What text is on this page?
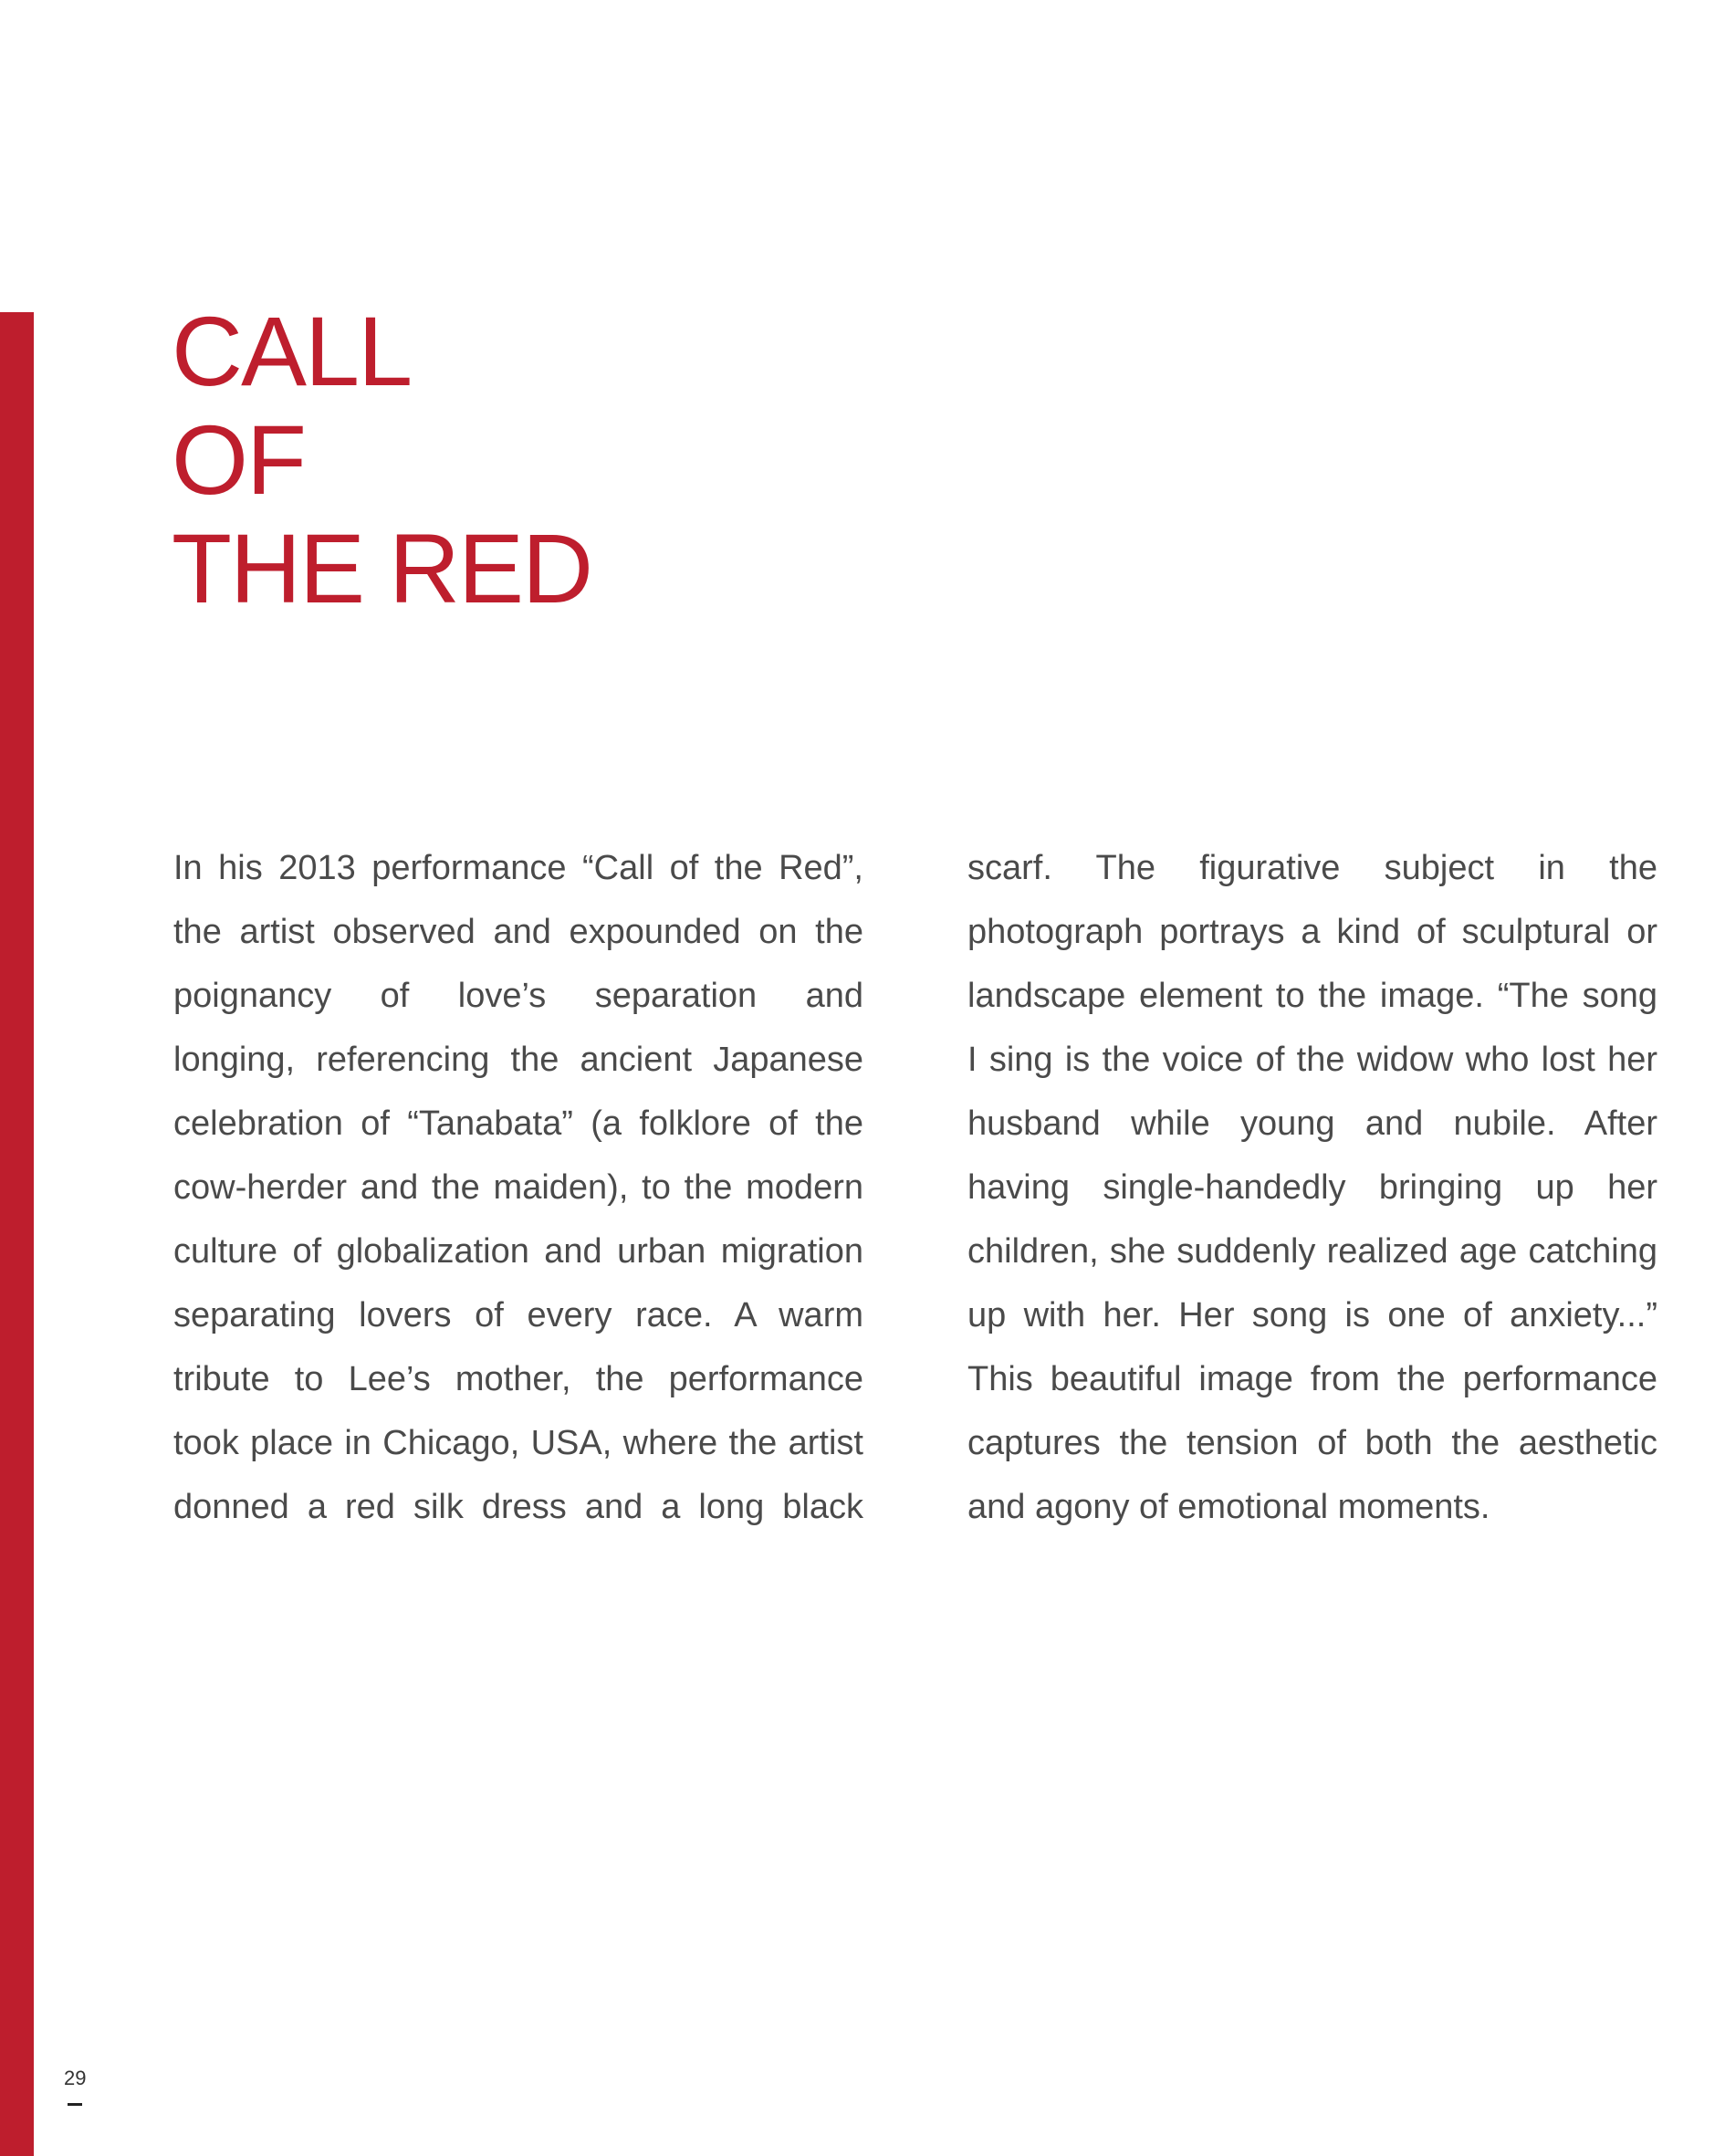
CALL
OF
THE RED
In his 2013 performance “Call of the Red”,
the artist observed and expounded on the
poignancy of love’s separation and
longing, referencing the ancient Japanese
celebration of “Tanabata” (a folklore of the
cow-herder and the maiden), to the modern
culture of globalization and urban migration
separating lovers of every race. A warm
tribute to Lee’s mother, the performance
took place in Chicago, USA, where the artist
donned a red silk dress and a long black
scarf. The figurative subject in the
photograph portrays a kind of sculptural or
landscape element to the image. “The song
I sing is the voice of the widow who lost her
husband while young and nubile. After
having single-handedly bringing up her
children, she suddenly realized age catching
up with her. Her song is one of anxiety...”
This beautiful image from the performance
captures the tension of both the aesthetic
and agony of emotional moments.
29
